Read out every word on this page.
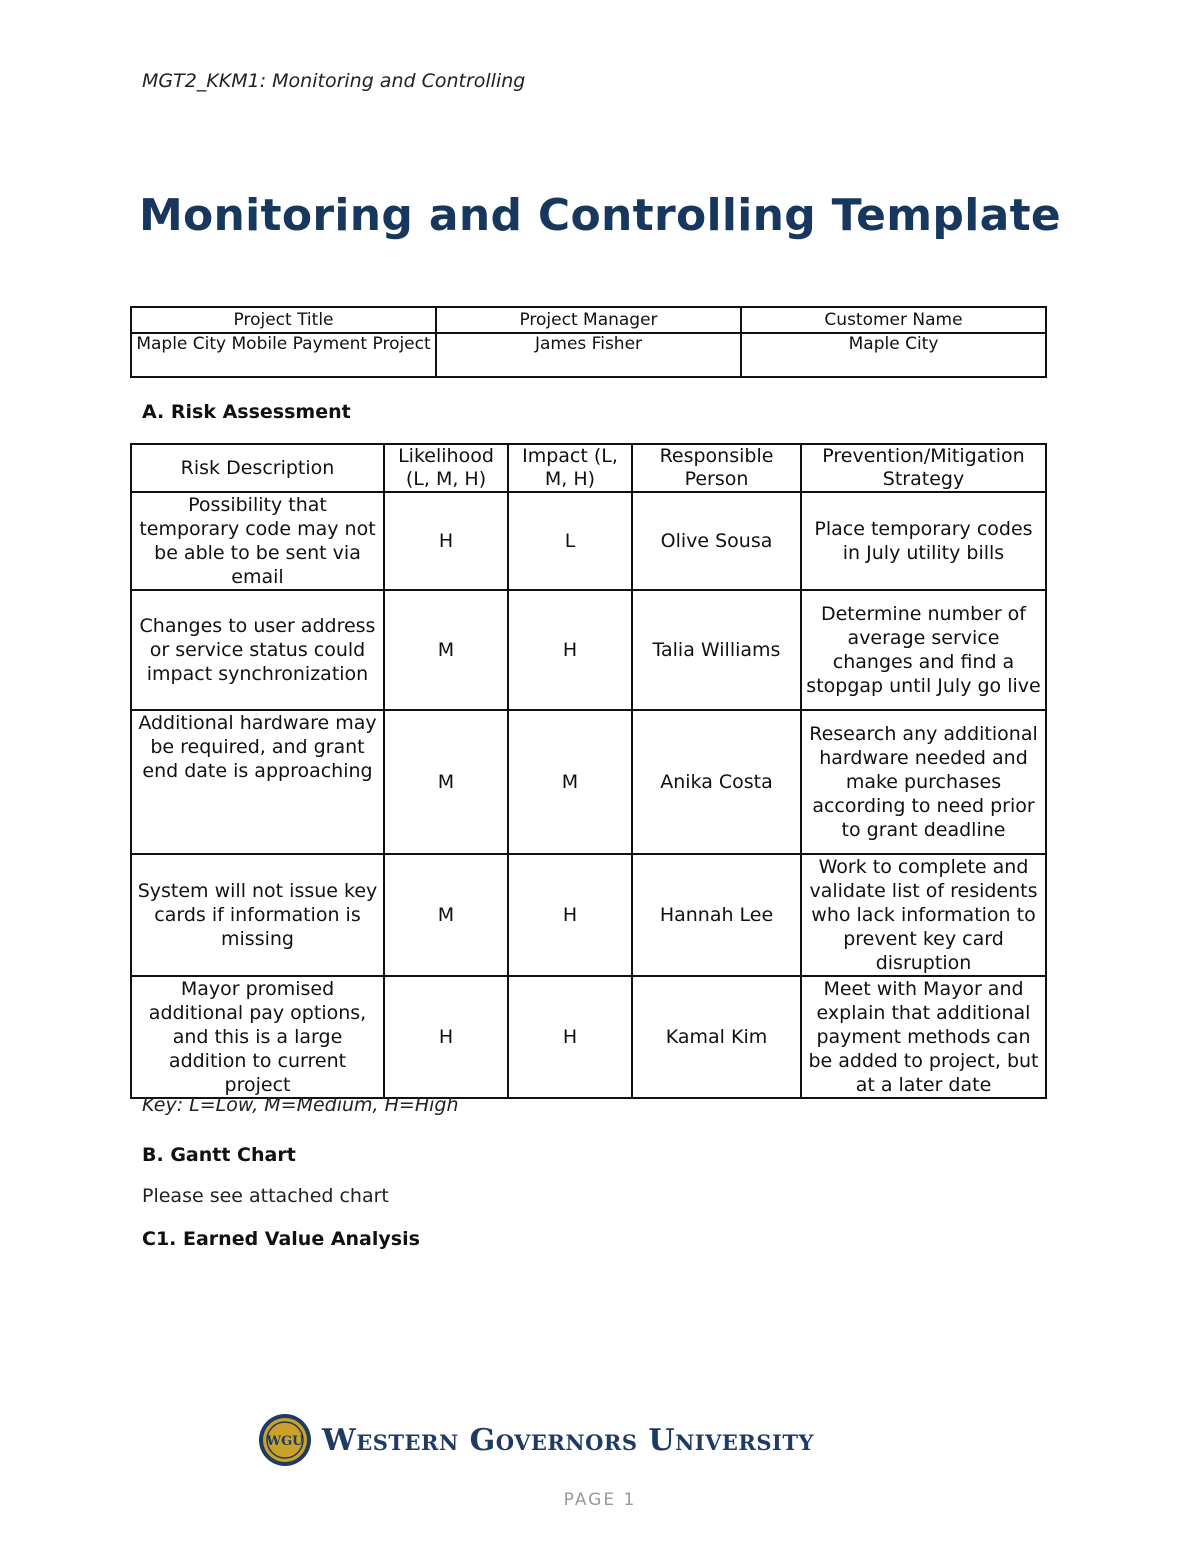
MGT2_KKM1: Monitoring and Controlling
Monitoring and Controlling Template
Project Title	Project Manager	Customer Name
Maple City Mobile Payment Project	James Fisher	Maple City
A. Risk Assessment
Risk Description	Likelihood (L, M, H)	Impact (L, M, H)	Responsible Person	Prevention/Mitigation Strategy
Possibility that temporary code may not be able to be sent via email	H	L	Olive Sousa	Place temporary codes in July utility bills
Changes to user address or service status could impact synchronization	M	H	Talia Williams	Determine number of average service changes and find a stopgap until July go live
Additional hardware may be required, and grant end date is approaching	M	M	Anika Costa	Research any additional hardware needed and make purchases according to need prior to grant deadline
System will not issue key cards if information is missing	M	H	Hannah Lee	Work to complete and validate list of residents who lack information to prevent key card disruption
Mayor promised additional pay options, and this is a large addition to current project	H	H	Kamal Kim	Meet with Mayor and explain that additional payment methods can be added to project, but at a later date
Key: L=Low, M=Medium, H=High
B. Gantt Chart
Please see attached chart
C1. Earned Value Analysis
WGU Western Governors University
PAGE 1
